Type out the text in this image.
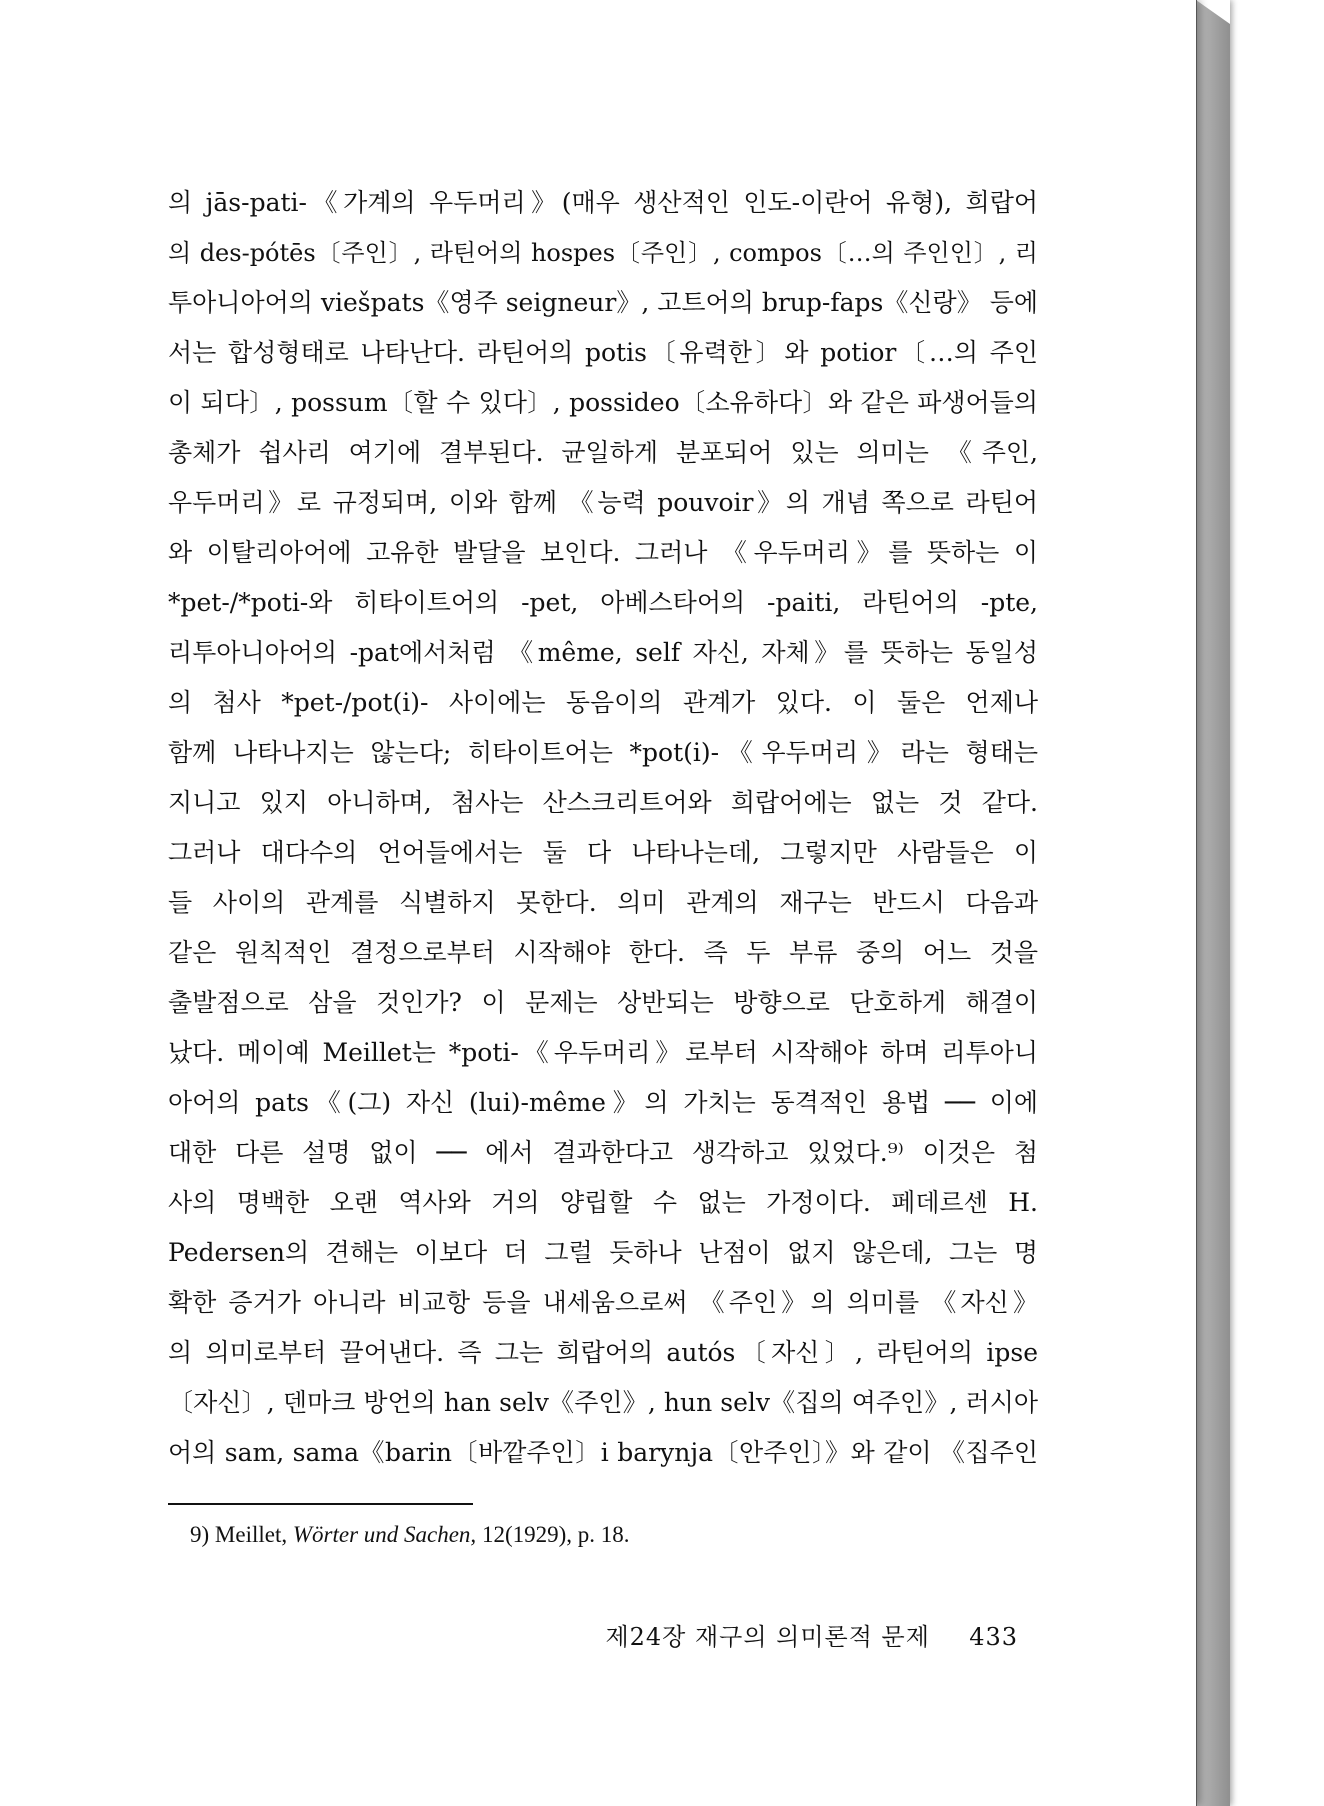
의 jās-pati-《가계의 우두머리》(매우 생산적인 인도-이란어 유형), 희랍어
의 des-pótēs〔주인〕, 라틴어의 hospes〔주인〕, compos〔…의 주인인〕, 리
투아니아어의 viešpats《영주 seigneur》, 고트어의 brup-faps《신랑》 등에
서는 합성형태로 나타난다. 라틴어의 potis〔유력한〕와 potior〔…의 주인
이 되다〕, possum〔할 수 있다〕, possideo〔소유하다〕와 같은 파생어들의
총체가 쉽사리 여기에 결부된다. 균일하게 분포되어 있는 의미는 《주인,
우두머리》로 규정되며, 이와 함께 《능력 pouvoir》의 개념 쪽으로 라틴어
와 이탈리아어에 고유한 발달을 보인다. 그러나 《우두머리》를 뜻하는 이
*pet-/*poti-와 히타이트어의 -pet, 아베스타어의 -paiti, 라틴어의 -pte,
리투아니아어의 -pat에서처럼 《même, self 자신, 자체》를 뜻하는 동일성
의 첨사 *pet-/pot(i)- 사이에는 동음이의 관계가 있다. 이 둘은 언제나
함께 나타나지는 않는다; 히타이트어는 *pot(i)-《우두머리》라는 형태는
지니고 있지 아니하며, 첨사는 산스크리트어와 희랍어에는 없는 것 같다.
그러나 대다수의 언어들에서는 둘 다 나타나는데, 그렇지만 사람들은 이
들 사이의 관계를 식별하지 못한다. 의미 관계의 재구는 반드시 다음과
같은 원칙적인 결정으로부터 시작해야 한다. 즉 두 부류 중의 어느 것을
출발점으로 삼을 것인가? 이 문제는 상반되는 방향으로 단호하게 해결이
났다. 메이예 Meillet는 *poti-《우두머리》로부터 시작해야 하며 리투아니
아어의 pats《(그) 자신 (lui)-même》의 가치는 동격적인 용법 ── 이에
대한 다른 설명 없이 ── 에서 결과한다고 생각하고 있었다.⁹⁾ 이것은 첨
사의 명백한 오랜 역사와 거의 양립할 수 없는 가정이다. 페데르센 H.
Pedersen의 견해는 이보다 더 그럴 듯하나 난점이 없지 않은데, 그는 명
확한 증거가 아니라 비교항 등을 내세움으로써 《주인》의 의미를 《자신》
의 의미로부터 끌어낸다. 즉 그는 희랍어의 autós〔자신〕, 라틴어의 ipse
〔자신〕, 덴마크 방언의 han selv《주인》, hun selv《집의 여주인》, 러시아
어의 sam, sama《barin〔바깥주인〕i barynja〔안주인〕》와 같이 《집주인
9) Meillet, Wörter und Sachen, 12(1929), p. 18.
제24장 재구의 의미론적 문제 433
